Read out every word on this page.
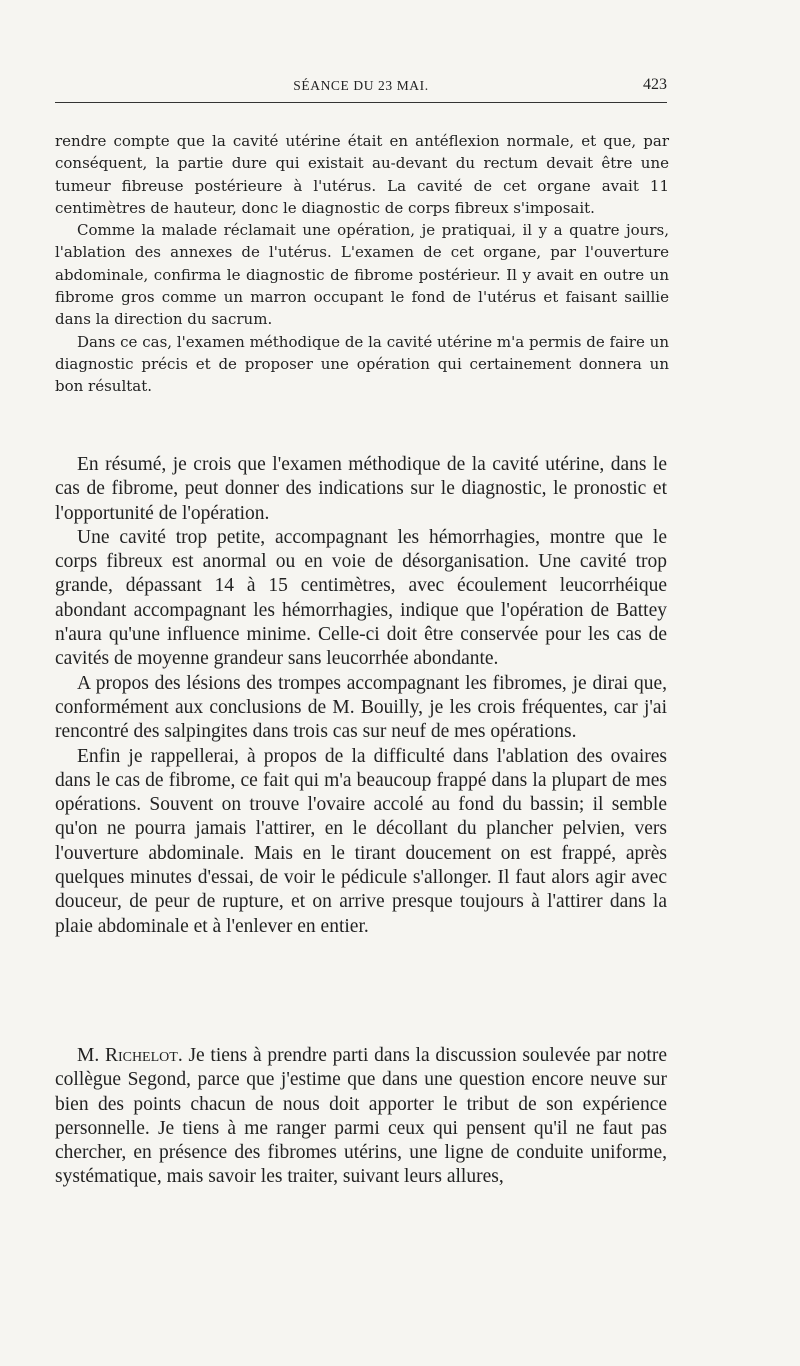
SÉANCE DU 23 MAI.	423

rendre compte que la cavité utérine était en antéflexion normale, et que, par conséquent, la partie dure qui existait au-devant du rectum devait être une tumeur fibreuse postérieure à l'utérus. La cavité de cet organe avait 11 centimètres de hauteur, donc le diagnostic de corps fibreux s'imposait.

Comme la malade réclamait une opération, je pratiquai, il y a quatre jours, l'ablation des annexes de l'utérus. L'examen de cet organe, par l'ouverture abdominale, confirma le diagnostic de fibrome postérieur. Il y avait en outre un fibrome gros comme un marron occupant le fond de l'utérus et faisant saillie dans la direction du sacrum.

Dans ce cas, l'examen méthodique de la cavité utérine m'a permis de faire un diagnostic précis et de proposer une opération qui certainement donnera un bon résultat.

En résumé, je crois que l'examen méthodique de la cavité utérine, dans le cas de fibrome, peut donner des indications sur le diagnostic, le pronostic et l'opportunité de l'opération.

Une cavité trop petite, accompagnant les hémorrhagies, montre que le corps fibreux est anormal ou en voie de désorganisation. Une cavité trop grande, dépassant 14 à 15 centimètres, avec écoulement leucorrhéique abondant accompagnant les hémorrhagies, indique que l'opération de Battey n'aura qu'une influence minime. Celle-ci doit être conservée pour les cas de cavités de moyenne grandeur sans leucorrhée abondante.

A propos des lésions des trompes accompagnant les fibromes, je dirai que, conformément aux conclusions de M. Bouilly, je les crois fréquentes, car j'ai rencontré des salpingites dans trois cas sur neuf de mes opérations.

Enfin je rappellerai, à propos de la difficulté dans l'ablation des ovaires dans le cas de fibrome, ce fait qui m'a beaucoup frappé dans la plupart de mes opérations. Souvent on trouve l'ovaire accolé au fond du bassin; il semble qu'on ne pourra jamais l'attirer, en le décollant du plancher pelvien, vers l'ouverture abdominale. Mais en le tirant doucement on est frappé, après quelques minutes d'essai, de voir le pédicule s'allonger. Il faut alors agir avec douceur, de peur de rupture, et on arrive presque toujours à l'attirer dans la plaie abdominale et à l'enlever en entier.

M. Richelot. Je tiens à prendre parti dans la discussion soulevée par notre collègue Segond, parce que j'estime que dans une question encore neuve sur bien des points chacun de nous doit apporter le tribut de son expérience personnelle. Je tiens à me ranger parmi ceux qui pensent qu'il ne faut pas chercher, en présence des fibromes utérins, une ligne de conduite uniforme, systématique, mais savoir les traiter, suivant leurs allures,
